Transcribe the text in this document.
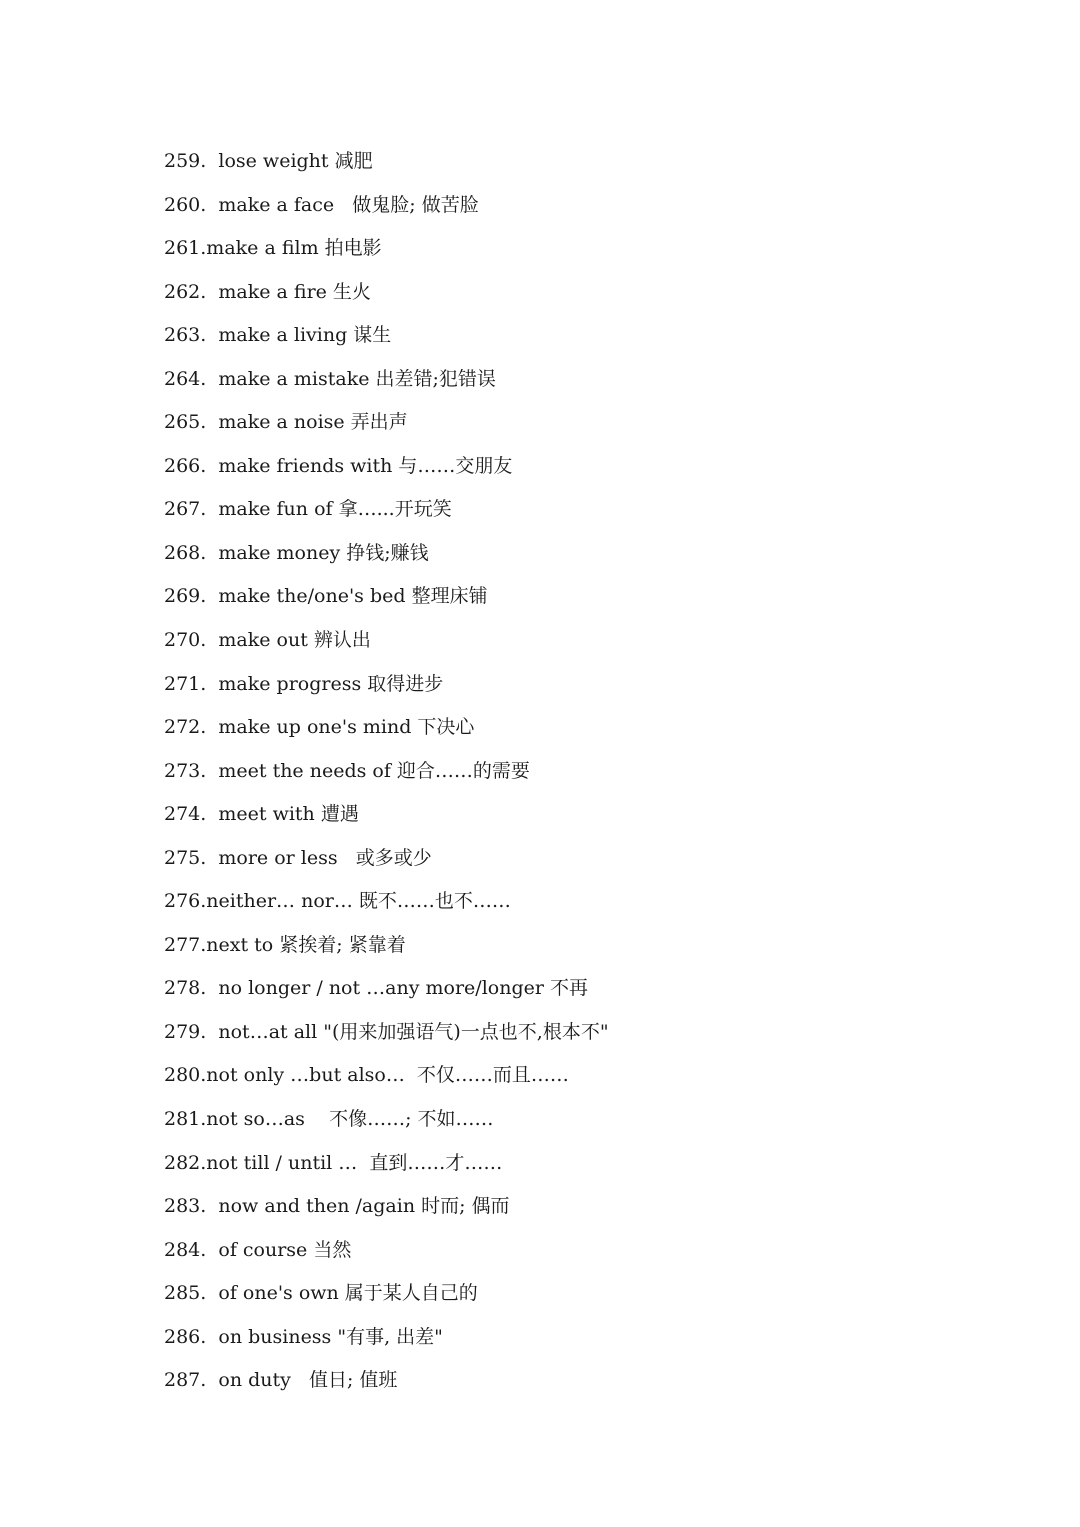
259.  lose weight 减肥
260.  make a face   做鬼脸; 做苦脸
261.make a film 拍电影
262.  make a fire 生火
263.  make a living 谋生
264.  make a mistake 出差错;犯错误
265.  make a noise 弄出声
266.  make friends with 与……交朋友
267.  make fun of 拿…...开玩笑
268.  make money 挣钱;赚钱
269.  make the/one's bed 整理床铺
270.  make out 辨认出
271.  make progress 取得进步
272.  make up one's mind 下决心
273.  meet the needs of 迎合……的需要
274.  meet with 遭遇
275.  more or less   或多或少
276.neither… nor… 既不……也不……
277.next to 紧挨着; 紧靠着
278.  no longer / not …any more/longer 不再
279.  not…at all "(用来加强语气)一点也不,根本不"
280.not only …but also…  不仅……而且……
281.not so…as    不像……; 不如……
282.not till / until …  直到……才……
283.  now and then /again 时而; 偶而
284.  of course 当然
285.  of one's own 属于某人自己的
286.  on business "有事, 出差"
287.  on duty   值日; 值班
